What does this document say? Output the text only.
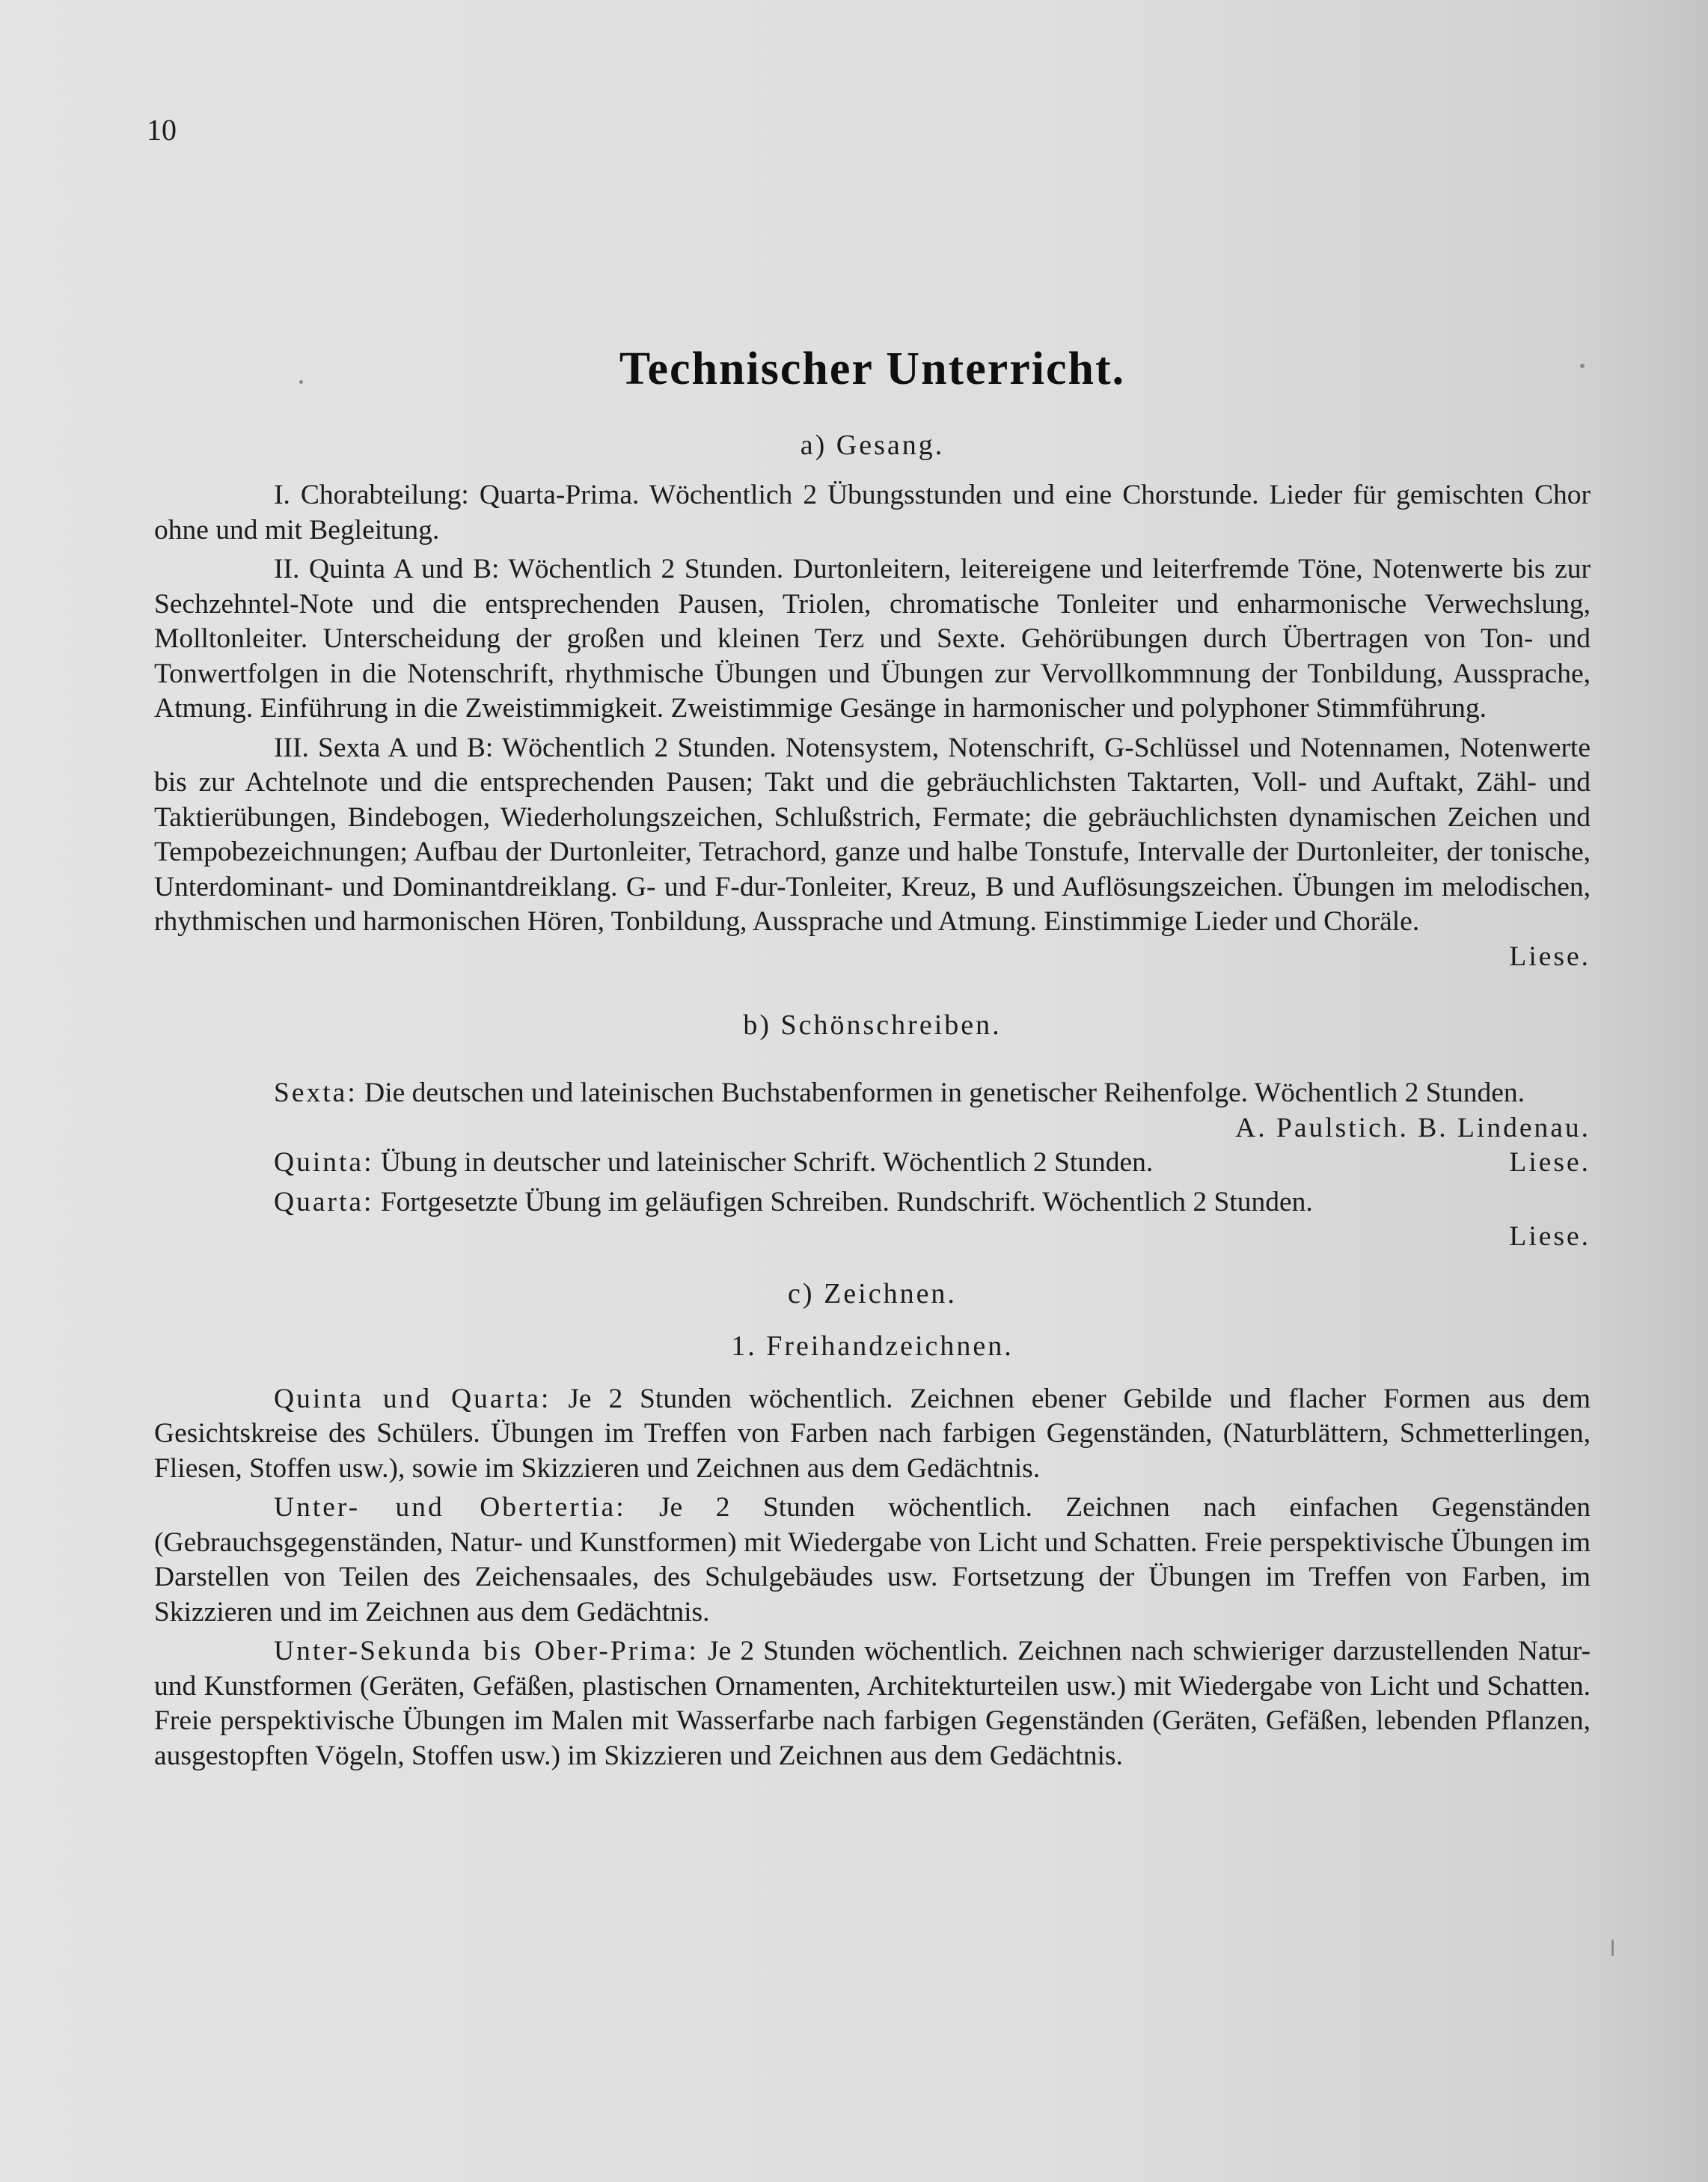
10
Technischer Unterricht.
a) Gesang.

I. Chorabteilung: Quarta-Prima. Wöchentlich 2 Übungsstunden und eine Chorstunde. Lieder für gemischten Chor ohne und mit Begleitung.

II. Quinta A und B: Wöchentlich 2 Stunden. Durtonleitern, leitereigene und leiterfremde Töne, Notenwerte bis zur Sechzehntel-Note und die entsprechenden Pausen, Triolen, chromatische Tonleiter und enharmonische Verwechslung, Molltonleiter. Unterscheidung der großen und kleinen Terz und Sexte. Gehörübungen durch Übertragen von Ton- und Tonwertfolgen in die Notenschrift, rhythmische Übungen und Übungen zur Vervollkommnung der Tonbildung, Aussprache, Atmung. Einführung in die Zweistimmigkeit. Zweistimmige Gesänge in harmonischer und polyphoner Stimmführung.

III. Sexta A und B: Wöchentlich 2 Stunden. Notensystem, Notenschrift, G-Schlüssel und Notennamen, Notenwerte bis zur Achtelnote und die entsprechenden Pausen; Takt und die gebräuchlichsten Taktarten, Voll- und Auftakt, Zähl- und Taktierübungen, Bindebogen, Wiederholungszeichen, Schlußstrich, Fermate; die gebräuchlichsten dynamischen Zeichen und Tempobezeichnungen; Aufbau der Durtonleiter, Tetrachord, ganze und halbe Tonstufe, Intervalle der Durtonleiter, der tonische, Unterdominant- und Dominantdreiklang. G- und F-dur-Tonleiter, Kreuz, B und Auflösungszeichen. Übungen im melodischen, rhythmischen und harmonischen Hören, Tonbildung, Aussprache und Atmung. Einstimmige Lieder und Choräle.
Liese.

b) Schönschreiben.

Sexta: Die deutschen und lateinischen Buchstabenformen in genetischer Reihenfolge. Wöchentlich 2 Stunden.
A. Paulstich. B. Lindenau.

Quinta: Übung in deutscher und lateinischer Schrift. Wöchentlich 2 Stunden.	Liese.

Quarta: Fortgesetzte Übung im geläufigen Schreiben. Rundschrift. Wöchentlich 2 Stunden.

Liese.
c) Zeichnen.
1. Freihandzeichnen.

Quinta und Quarta: Je 2 Stunden wöchentlich. Zeichnen ebener Gebilde und flacher Formen aus dem Gesichtskreise des Schülers. Übungen im Treffen von Farben nach farbigen Gegenständen, (Naturblättern, Schmetterlingen, Fliesen, Stoffen usw.), sowie im Skizzieren und Zeichnen aus dem Gedächtnis.

Unter- und Obertertia: Je 2 Stunden wöchentlich. Zeichnen nach einfachen Gegenständen (Gebrauchsgegenständen, Natur- und Kunstformen) mit Wiedergabe von Licht und Schatten. Freie perspektivische Übungen im Darstellen von Teilen des Zeichensaales, des Schulgebäudes usw. Fortsetzung der Übungen im Treffen von Farben, im Skizzieren und im Zeichnen aus dem Gedächtnis.

Unter-Sekunda bis Ober-Prima: Je 2 Stunden wöchentlich. Zeichnen nach schwieriger darzustellenden Natur- und Kunstformen (Geräten, Gefäßen, plastischen Ornamenten, Architekturteilen usw.) mit Wiedergabe von Licht und Schatten. Freie perspektivische Übungen im Malen mit Wasserfarbe nach farbigen Gegenständen (Geräten, Gefäßen, lebenden Pflanzen, ausgestopften Vögeln, Stoffen usw.) im Skizzieren und Zeichnen aus dem Gedächtnis.
